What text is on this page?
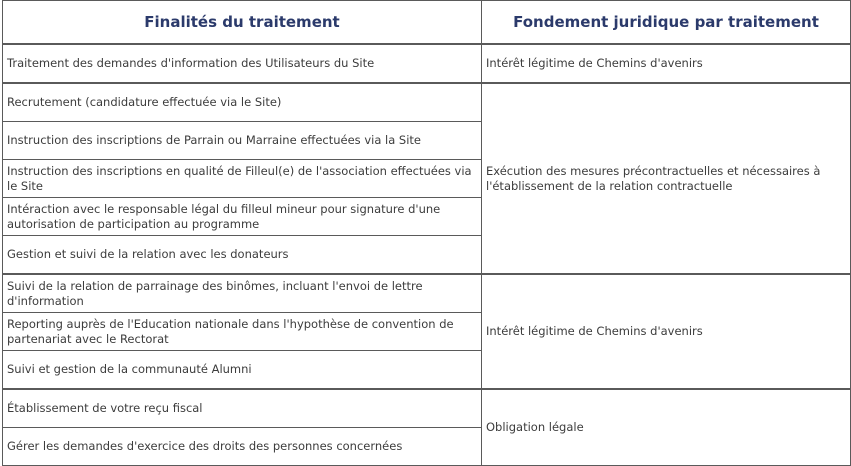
Finalités du traitement	Fondement juridique par traitement
Traitement des demandes d'information des Utilisateurs du Site	Intérêt légitime de Chemins d'avenirs
Recrutement (candidature effectuée via le Site)	Exécution des mesures précontractuelles et nécessaires à l'établissement de la relation contractuelle
Instruction des inscriptions de Parrain ou Marraine effectuées via la Site	
Instruction des inscriptions en qualité de Filleul(e) de l'association effectuées via le Site	
Intéraction avec le responsable légal du filleul mineur pour signature d'une autorisation de participation au programme	
Gestion et suivi de la relation avec les donateurs	
Suivi de la relation de parrainage des binômes, incluant l'envoi de lettre d'information	Intérêt légitime de Chemins d'avenirs
Reporting auprès de l'Education nationale dans l'hypothèse de convention de partenariat avec le Rectorat	
Suivi et gestion de la communauté Alumni	
Établissement de votre reçu fiscal	Obligation légale
Gérer les demandes d'exercice des droits des personnes concernées	
